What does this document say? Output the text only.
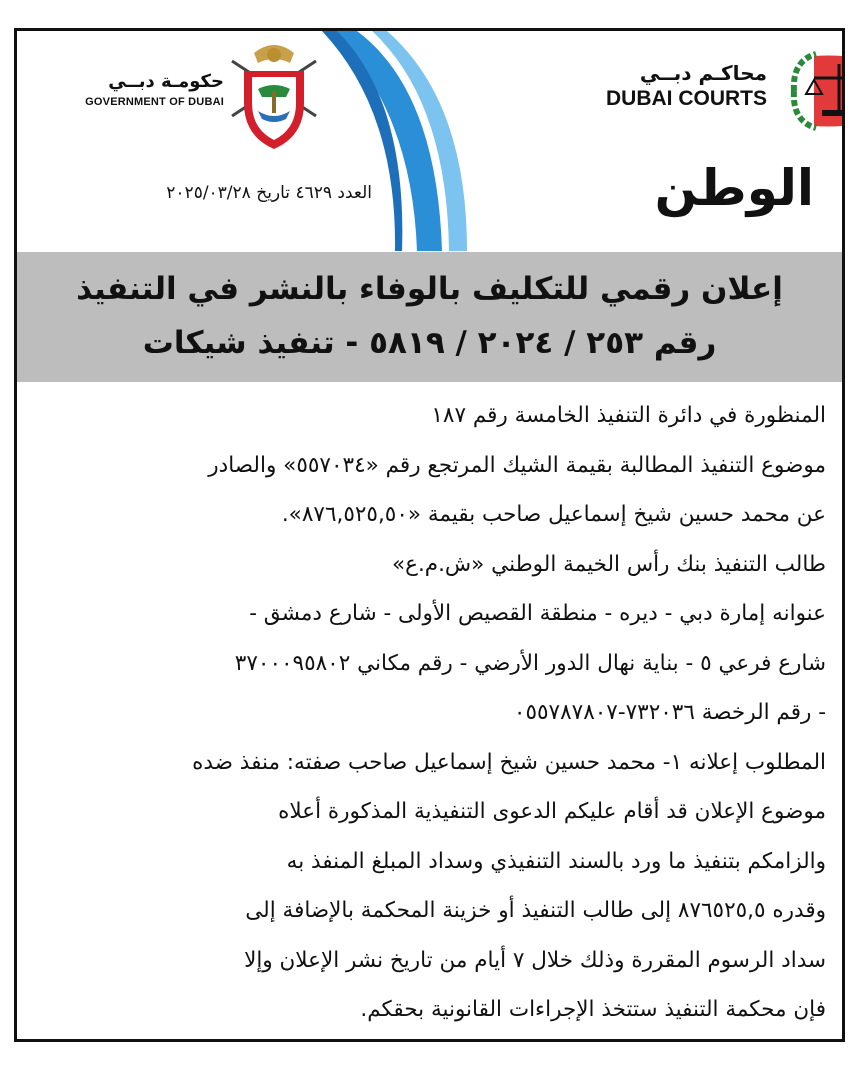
حكومـة دبــي
GOVERNMENT OF DUBAI
محاكـم دبــي
DUBAI COURTS
العدد ٤٦٢٩ تاريخ ٢٠٢٥/٠٣/٢٨	الوطن
إعلان رقمي للتكليف بالوفاء بالنشر في التنفيذ
رقم ٢٥٣ / ٢٠٢٤ / ٥٨١٩ - تنفيذ شيكات
المنظورة في دائرة التنفيذ الخامسة رقم ١٨٧
موضوع التنفيذ المطالبة بقيمة الشيك المرتجع رقم «٥٥٧٠٣٤» والصادر
عن محمد حسين شيخ إسماعيل صاحب بقيمة «٨٧٦,٥٢٥,٥٠».
طالب التنفيذ بنك رأس الخيمة الوطني «ش.م.ع»
عنوانه إمارة دبي - ديره - منطقة القصيص الأولى - شارع دمشق -
شارع فرعي ٥ - بناية نهال الدور الأرضي - رقم مكاني ٣٧٠٠٠٩٥٨٠٢
- رقم الرخصة ٧٣٢٠٣٦-٠٥٥٧٨٧٨٠٧
المطلوب إعلانه ١- محمد حسين شيخ إسماعيل صاحب صفته: منفذ ضده
موضوع الإعلان قد أقام عليكم الدعوى التنفيذية المذكورة أعلاه
والزامكم بتنفيذ ما ورد بالسند التنفيذي وسداد المبلغ المنفذ به
وقدره ٨٧٦٥٢٥,٥ إلى طالب التنفيذ أو خزينة المحكمة بالإضافة إلى
سداد الرسوم المقررة وذلك خلال ٧ أيام من تاريخ نشر الإعلان وإلا
فإن محكمة التنفيذ ستتخذ الإجراءات القانونية بحقكم.
